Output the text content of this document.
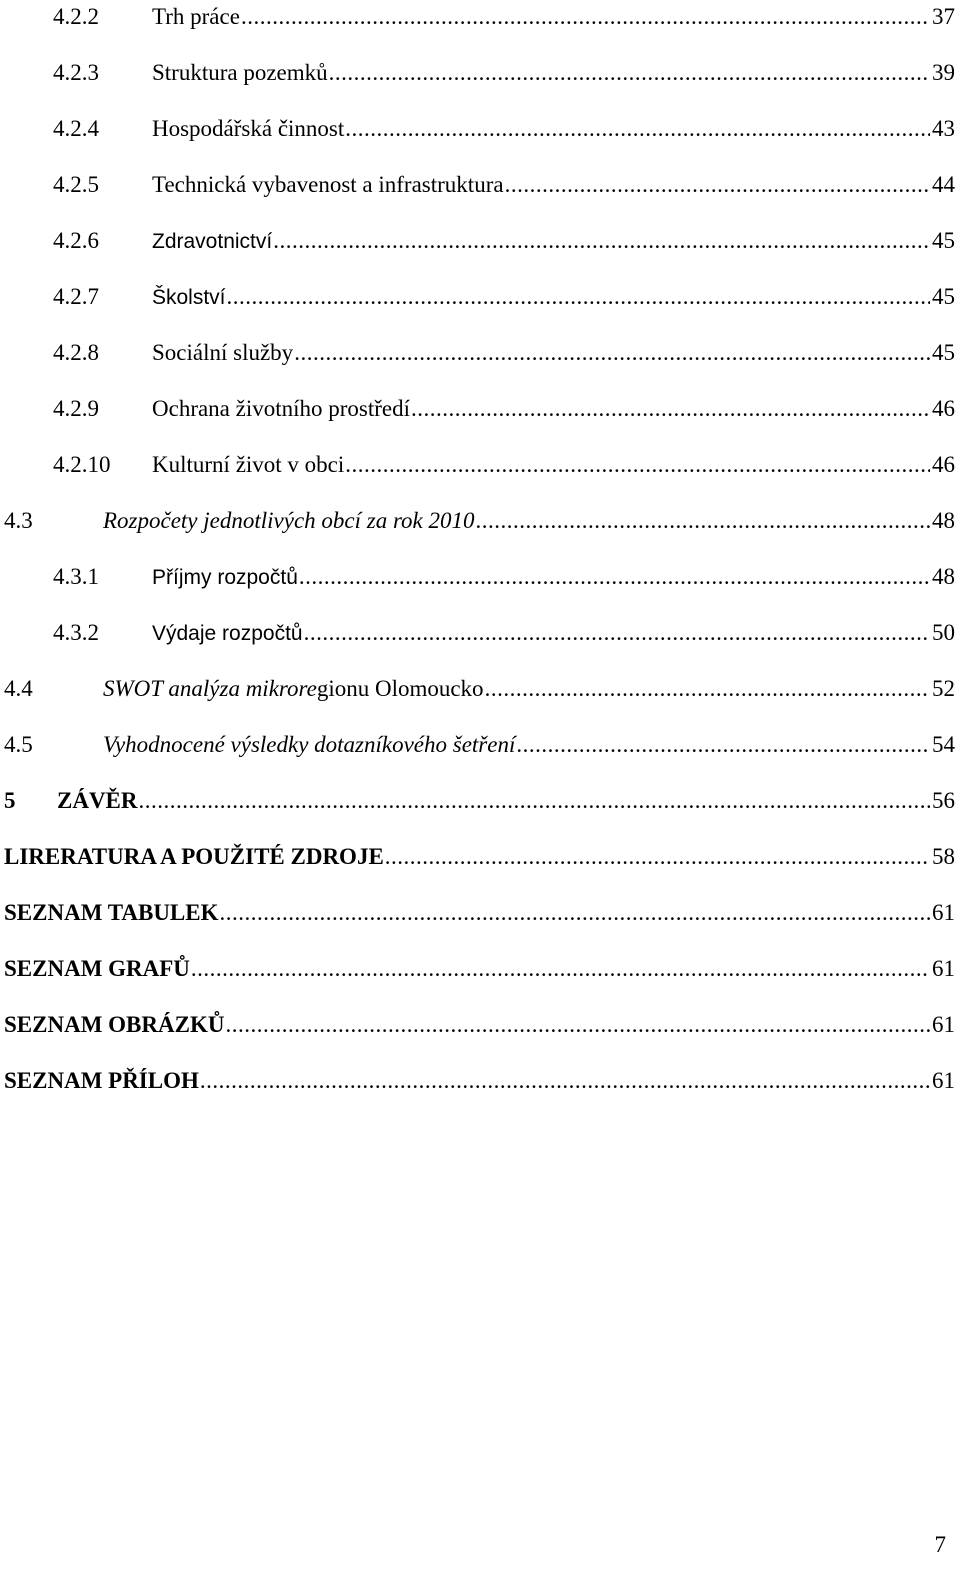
4.2.2 Trh práce .....	37
4.2.3 Struktura pozemků .....	39
4.2.4 Hospodářská činnost .....	43
4.2.5 Technická vybavenost a infrastruktura .....	44
4.2.6	Zdravotnictví .....	45
4.2.7	Školství .....	45
4.2.8 Sociální služby .....	45
4.2.9 Ochrana životního prostředí .....	46
4.2.10 Kulturní život v obci .....	46
4.3	Rozpočety jednotlivých obcí za rok 2010 .....	48
4.3.1	Příjmy rozpočtů .....	48
4.3.2	Výdaje rozpočtů .....	50
4.4	SWOT analýza mikroregionu Olomoucko .....	52
4.5	Vyhodnocené výsledky dotazníkového šetření .....	54
5 ZÁVĚR .....	56
LIRERATURA A POUŽITÉ ZDROJE .....	58
SEZNAM TABULEK .....	61
SEZNAM GRAFŮ .....	61
SEZNAM OBRÁZKŮ .....	61
SEZNAM PŘÍLOH .....	61
7
